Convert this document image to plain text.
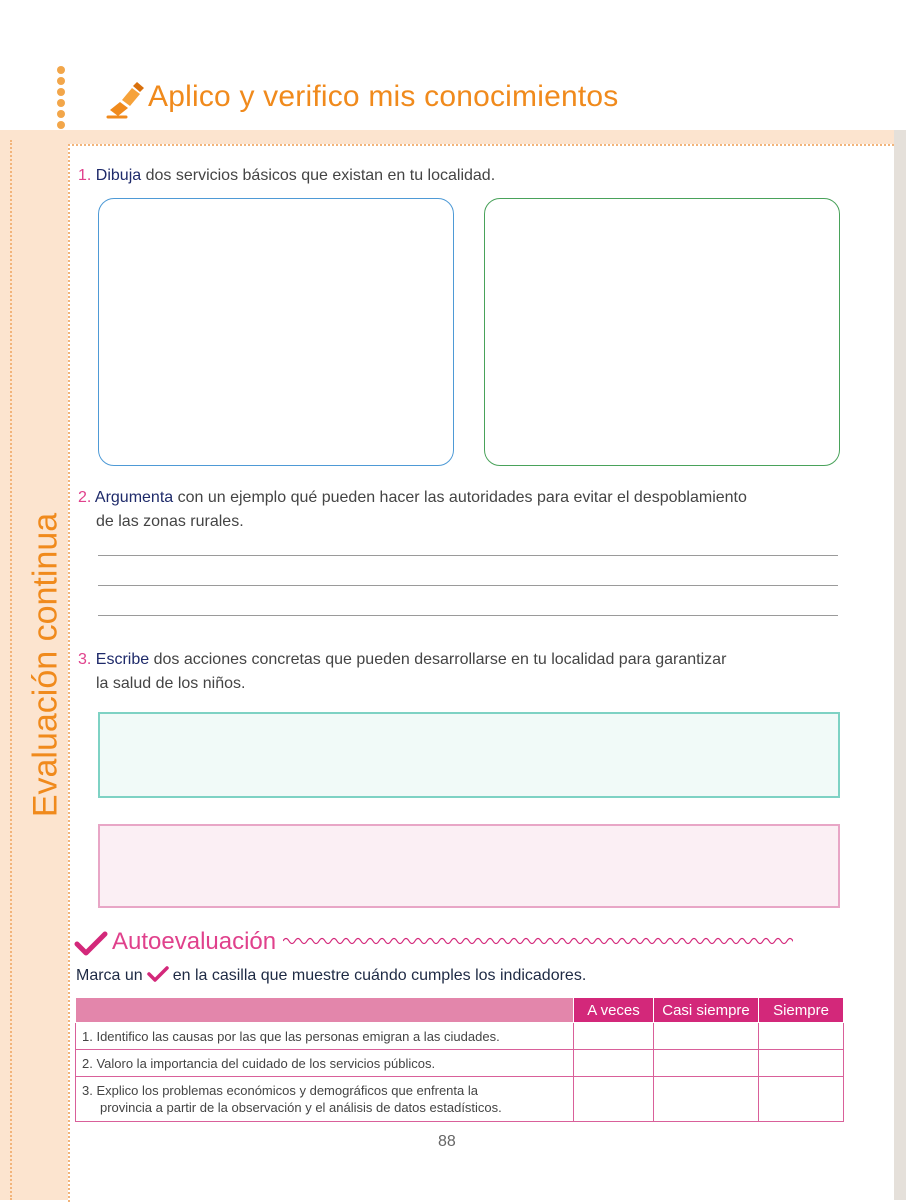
Aplico y verifico mis conocimientos
Evaluación continua
1. Dibuja dos servicios básicos que existan en tu localidad.
2. Argumenta con un ejemplo qué pueden hacer las autoridades para evitar el despoblamiento
de las zonas rurales.
3. Escribe dos acciones concretas que pueden desarrollarse en tu localidad para garantizar
la salud de los niños.
Autoevaluación
Marca un en la casilla que muestre cuándo cumples los indicadores.
	A veces	Casi siempre	Siempre
1. Identifico las causas por las que las personas emigran a las ciudades.			
2. Valoro la importancia del cuidado de los servicios públicos.			
3. Explico los problemas económicos y demográficos que enfrenta la
provincia a partir de la observación y el análisis de datos estadísticos.			

88
